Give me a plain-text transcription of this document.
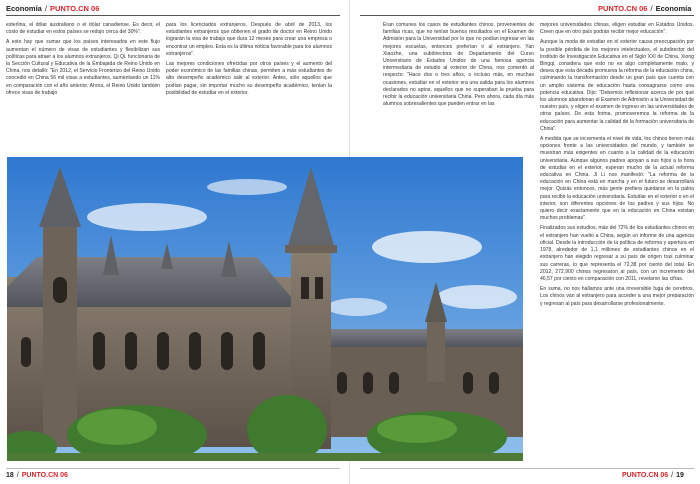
Economía / PUNTO.CN 06

esterlina, el dólar australiano o el dólar canadiense. Es decir, el costo de estudiar en estos países se redujo cerca del 30%".

A esto hay que sumar que los países interesados en este flujo aumentan el número de visas de estudiantes y flexibilizan sus políticas para atraer a los alumnos extranjeros. Qi Qi, funcionaria de la Sección Cultural y Educativa de la Embajada de Reino Unido en China, nos detalló: "En 2012, el Servicio Fronterizo del Reino Unido concedió en China 56 mil visas a estudiantes, aumentando un 11% en comparación con el año anterior. Ahora, el Reino Unido también ofrece visas de trabajo

para los licenciados extranjeros. Después de abril de 2013, los estudiantes extranjeros que obtienen el grado de doctor en Reino Unido lograrán la visa de trabajo que dura 12 meses para crear una empresa o encontrar un empleo. Esta es la última noticia favorable para los alumnos extranjeros".

Las mejores condiciones ofrecidas por otros países y el aumento del poder económico de las familias chinas, permiten a más estudiantes de alto desempeño académico salir al exterior. Antes, sólo aquellos que podían pagar, sin importar mucho su desempeño académico, tenían la posibilidad de estudiar en el exterior.

18 / PUNTO.CN 06
PUNTO.CN 06 / Economía

Eran comunes los casos de estudiantes chinos, provenientes de familias ricas, que no tenían buenos resultados en el Examen de Admisión para la Universidad por lo que no podían ingresar en las mejores escuelas, entonces preferían ir al extranjero. Yan Xiaozhe, una subdirectora de Departamento del Curso Universitario de Estados Unidos de una famosa agencia intermediaria de estudio al exterior de China, nos comentó al respecto: "Hace dos o tres años, o incluso más, en muchas ocasiones, estudiar en el exterior era una salida para los alumnos declarados no aptos, aquellos que no superaban la prueba para recibir la educación universitaria China. Pero ahora, cada día más alumnos sobresalientes que pueden entrar en las

mejores universidades chinas, eligen estudiar en Estados Unidos. Creen que en otro país podrán recibir mejor educación".

Aunque la moda de estudiar en el exterior causa preocupación por la posible pérdida de los mejores intelectuales, el subdirector del Instituto de Investigación Educativa en el Siglo XXI de China, Xiong Bingqi, considera que esto no es algo completamente malo, y desea que esta década promueva la reforma de la educación china, culminando la transformación desde un gran país que cuenta con un amplio sistema de educación hasta consagrarse como una potencia educativa. Dijo: "Debemos reflexionar acerca de por qué los alumnos abandonan el Examen de Admisión a la Universidad de nuestro país, y eligen el examen de ingreso en las universidades de otros países. De esta forma, promoveremos la reforma de la educación para aumentar la calidad de la formación universitaria de China".

A medida que se incrementa el nivel de vida, los chinos tienen más opciones frente a las universidades del mundo, y también se muestran más exigentes en cuanto a la calidad de la educación universitaria. Aunque algunos padres apoyan a sus hijos a la hora de estudiar en el exterior, esperan mucho de la actual reforma educativa en China. Ji Li nos manifestó: "La reforma de la educación en China está en marcha y en el futuro se desarrollará mejor. Quizás entonces, más gente prefiera quedarse en la patria para recibir la educación universitaria. Estudiar en el exterior o en el interior, son diferentes opciones de los padres y sus hijos. No quiero decir exactamente que en la educación en China existan muchos problemas".

Finalizados sus estudios, más del 72% de los estudiantes chinos en el extranjero han vuelto a China, según un informe de una agencia oficial. Desde la introducción de la política de reforma y apertura en 1978, alrededor de 1,1 millones de estudiantes chinos en el extranjero han elegido regresar a su país de origen tras culminar sus carreras, lo que representa el 72,38 por ciento del total. En 2012, 272.900 chinos regresaron al país, con un incremento del 46,57 por ciento en comparación con 2011, revelaron las cifras.

En suma, no nos hallamos ante una irreversible fuga de cerebros. Los chinos van al extranjero para acceder a una mejor preparación y regresan al país para desarrollarse profesionalmente.

PUNTO.CN 06 / 19
